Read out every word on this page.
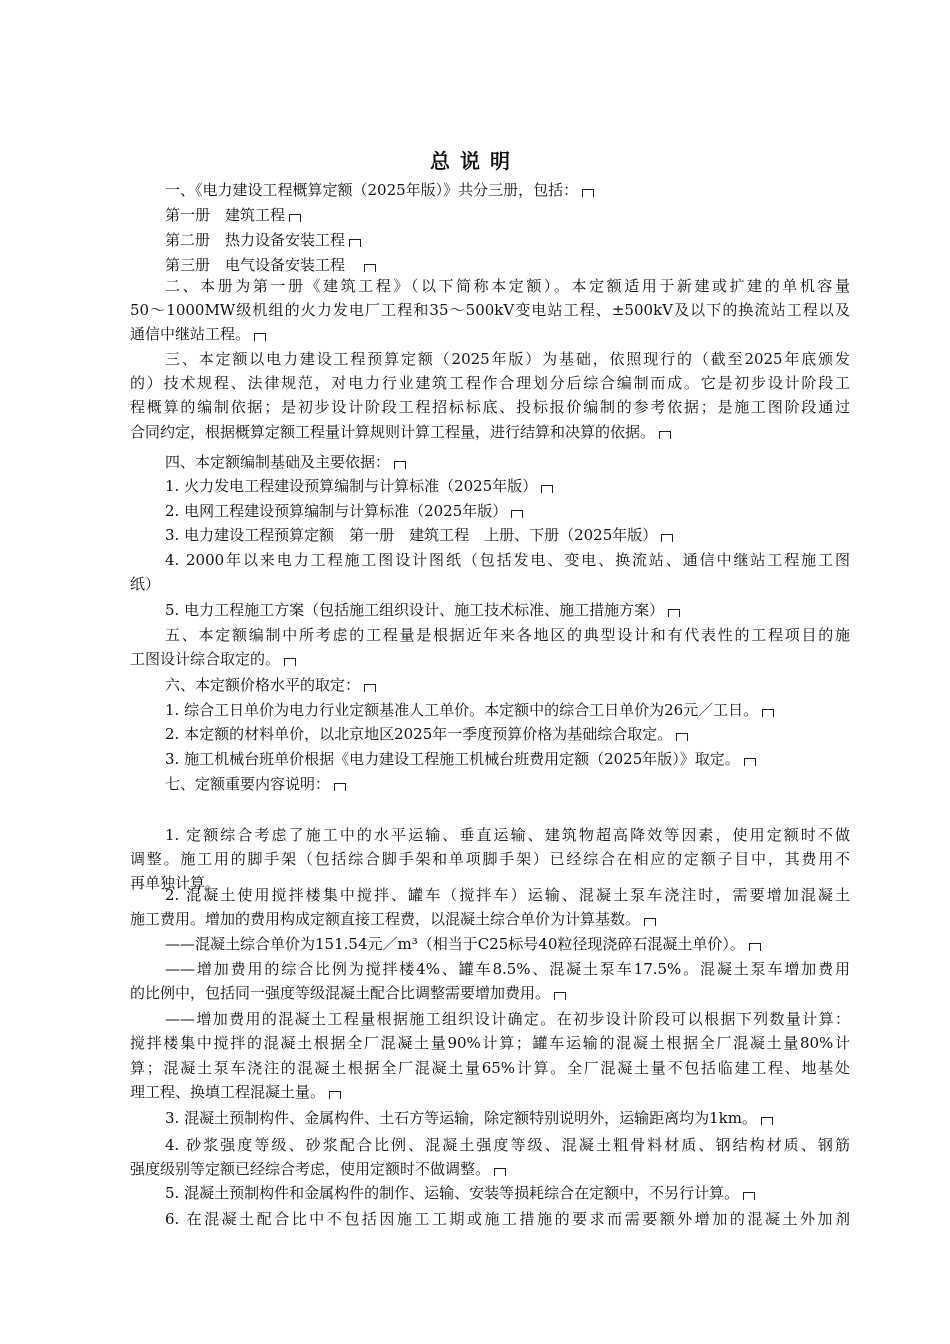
总说明
一、《电力建设工程概算定额（2025年版）》共分三册，包括：
第一册　建筑工程
第二册　热力设备安装工程
第三册　电气设备安装工程　
二、本册为第一册《建筑工程》（以下简称本定额）。本定额适用于新建或扩建的单机容量
50～1000MW级机组的火力发电厂工程和35～500kV变电站工程、±500kV及以下的换流站工程以及
通信中继站工程。
三、本定额以电力建设工程预算定额（2025年版）为基础，依照现行的（截至2025年底颁发
的）技术规程、法律规范，对电力行业建筑工程作合理划分后综合编制而成。它是初步设计阶段工
程概算的编制依据；是初步设计阶段工程招标标底、投标报价编制的参考依据；是施工图阶段通过
合同约定，根据概算定额工程量计算规则计算工程量，进行结算和决算的依据。
四、本定额编制基础及主要依据：
1. 火力发电工程建设预算编制与计算标准（2025年版）
2. 电网工程建设预算编制与计算标准（2025年版）
3. 电力建设工程预算定额　第一册　建筑工程　上册、下册（2025年版）
4. 2000年以来电力工程施工图设计图纸（包括发电、变电、换流站、通信中继站工程施工图
纸）
5. 电力工程施工方案（包括施工组织设计、施工技术标准、施工措施方案）
五、本定额编制中所考虑的工程量是根据近年来各地区的典型设计和有代表性的工程项目的施
工图设计综合取定的。
六、本定额价格水平的取定：
1. 综合工日单价为电力行业定额基准人工单价。本定额中的综合工日单价为26元／工日。
2. 本定额的材料单价，以北京地区2025年一季度预算价格为基础综合取定。
3. 施工机械台班单价根据《电力建设工程施工机械台班费用定额（2025年版）》取定。
七、定额重要内容说明：
1. 定额综合考虑了施工中的水平运输、垂直运输、建筑物超高降效等因素，使用定额时不做
调整。施工用的脚手架（包括综合脚手架和单项脚手架）已经综合在相应的定额子目中，其费用不
再单独计算。
2. 混凝土使用搅拌楼集中搅拌、罐车（搅拌车）运输、混凝土泵车浇注时，需要增加混凝土
施工费用。增加的费用构成定额直接工程费，以混凝土综合单价为计算基数。
——混凝土综合单价为151.54元／m³（相当于C25标号40粒径现浇碎石混凝土单价）。
——增加费用的综合比例为搅拌楼4%、罐车8.5%、混凝土泵车17.5%。混凝土泵车增加费用
的比例中，包括同一强度等级混凝土配合比调整需要增加费用。
——增加费用的混凝土工程量根据施工组织设计确定。在初步设计阶段可以根据下列数量计算：
搅拌楼集中搅拌的混凝土根据全厂混凝土量90%计算；罐车运输的混凝土根据全厂混凝土量80%计
算；混凝土泵车浇注的混凝土根据全厂混凝土量65%计算。全厂混凝土量不包括临建工程、地基处
理工程、换填工程混凝土量。
3. 混凝土预制构件、金属构件、土石方等运输，除定额特别说明外，运输距离均为1km。
4. 砂浆强度等级、砂浆配合比例、混凝土强度等级、混凝土粗骨料材质、钢结构材质、钢筋
强度级别等定额已经综合考虑，使用定额时不做调整。
5. 混凝土预制构件和金属构件的制作、运输、安装等损耗综合在定额中，不另行计算。
6. 在混凝土配合比中不包括因施工工期或施工措施的要求而需要额外增加的混凝土外加剂
